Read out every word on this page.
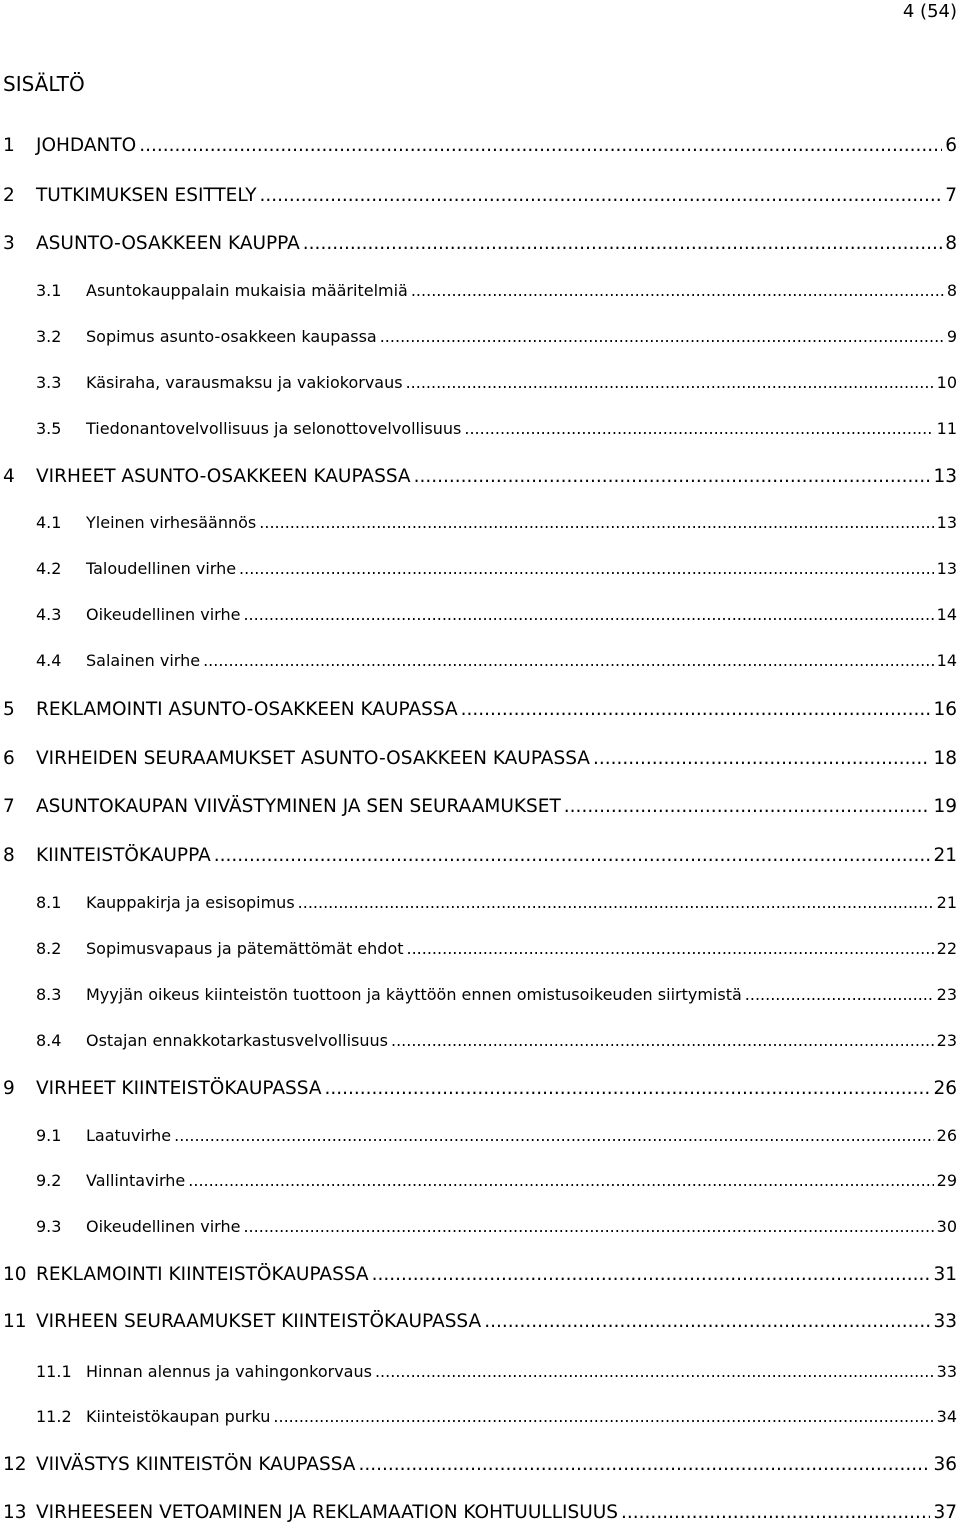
4 (54)
SISÄLTÖ
1	JOHDANTO .....	6
2	TUTKIMUKSEN ESITTELY .....	7
3	ASUNTO-OSAKKEEN KAUPPA .....	8
3.1	Asuntokauppalain mukaisia määritelmiä .....	8
3.2	Sopimus asunto-osakkeen kaupassa .....	9
3.3	Käsiraha, varausmaksu ja vakiokorvaus .....	10
3.5	Tiedonantovelvollisuus ja selonottovelvollisuus .....	11
4	VIRHEET ASUNTO-OSAKKEEN KAUPASSA .....	13
4.1	Yleinen virhesäännös .....	13
4.2	Taloudellinen virhe .....	13
4.3	Oikeudellinen virhe .....	14
4.4	Salainen virhe .....	14
5	REKLAMOINTI ASUNTO-OSAKKEEN KAUPASSA .....	16
6	VIRHEIDEN SEURAAMUKSET ASUNTO-OSAKKEEN KAUPASSA .....	18
7	ASUNTOKAUPAN VIIVÄSTYMINEN JA SEN SEURAAMUKSET .....	19
8	KIINTEISTÖKAUPPA .....	21
8.1	Kauppakirja ja esisopimus .....	21
8.2	Sopimusvapaus ja pätemättömät ehdot .....	22
8.3	Myyjän oikeus kiinteistön tuottoon ja käyttöön ennen omistusoikeuden siirtymistä .....	23
8.4	Ostajan ennakkotarkastusvelvollisuus .....	23
9	VIRHEET KIINTEISTÖKAUPASSA .....	26
9.1	Laatuvirhe .....	26
9.2	Vallintavirhe .....	29
9.3	Oikeudellinen virhe .....	30
10 REKLAMOINTI KIINTEISTÖKAUPASSA .....	31
11 VIRHEEN SEURAAMUKSET KIINTEISTÖKAUPASSA .....	33
11.1 Hinnan alennus ja vahingonkorvaus .....	33
11.2 Kiinteistökaupan purku .....	34
12 VIIVÄSTYS KIINTEISTÖN KAUPASSA .....	36
13 VIRHEESEEN VETOAMINEN JA REKLAMAATION KOHTUULLISUUS .....	37
